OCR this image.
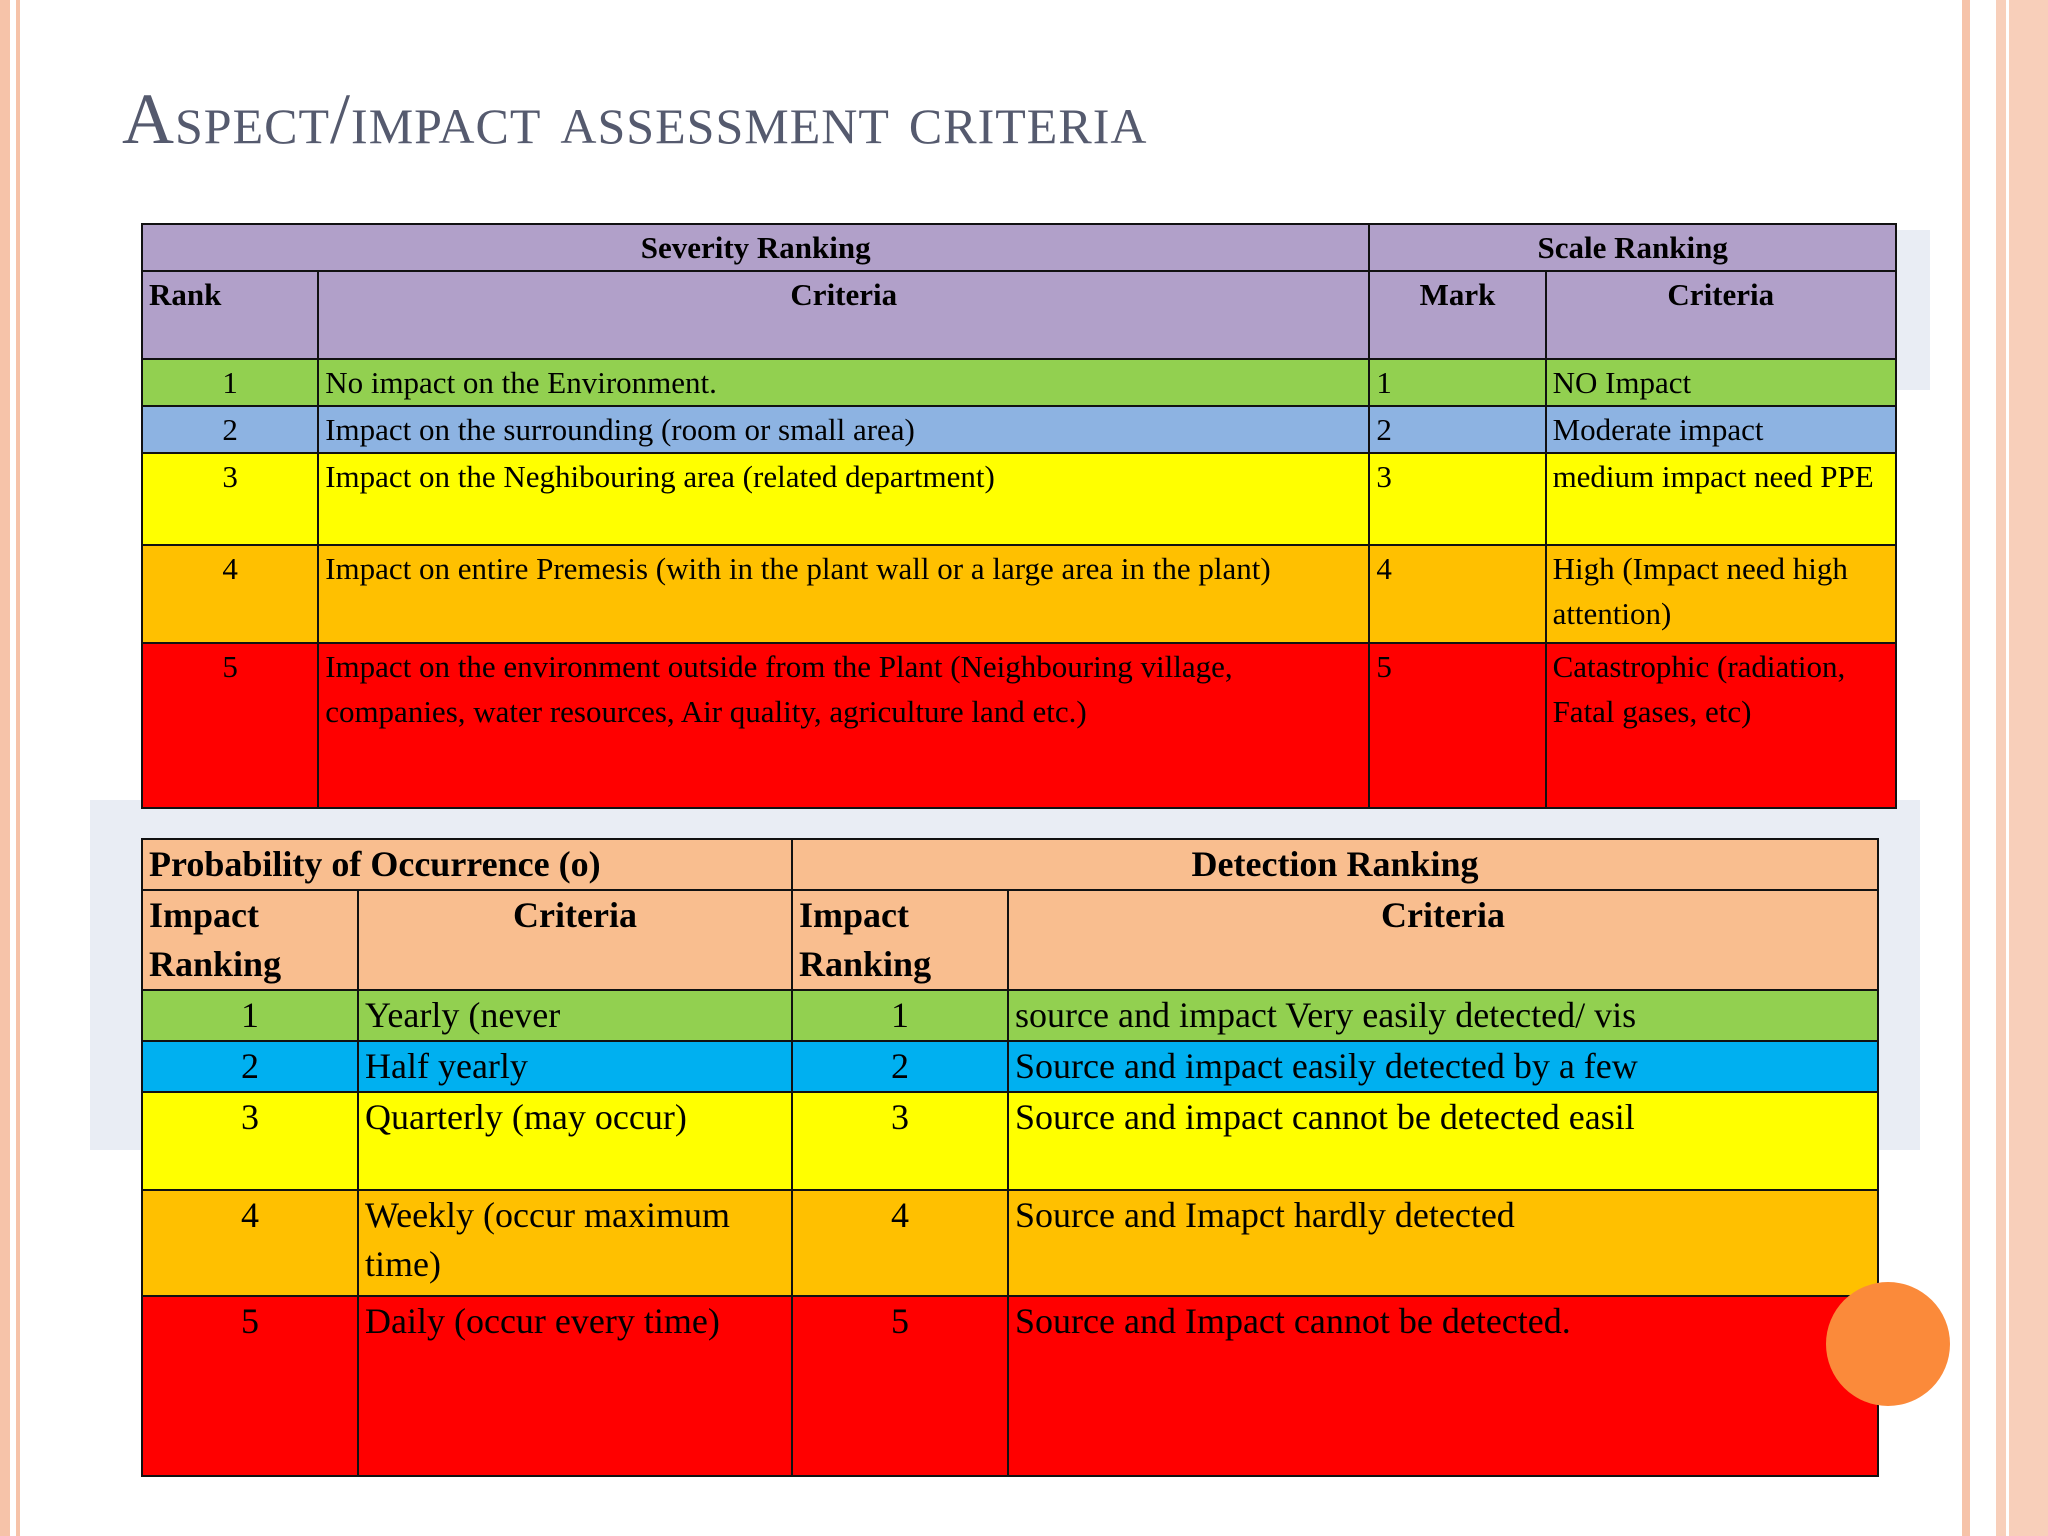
Aspect/impact assessment criteria
Severity Ranking		Scale Ranking	
Rank	Criteria	Mark	Criteria
1	No impact on the Environment.	1	NO Impact
2	Impact on the surrounding (room or small area)	2	Moderate impact
3	Impact on the Neghibouring area (related department)	3	medium impact need PPE
4	Impact on entire Premesis (with in the plant wall or a large area in the plant)	4	High (Impact need high attention)
5	Impact on the environment outside from the Plant (Neighbouring village, companies, water resources, Air quality, agriculture land etc.)	5	Catastrophic (radiation, Fatal gases, etc)
Probability of Occurrence (o)		Detection Ranking	
Impact Ranking	Criteria	Impact Ranking	Criteria
1	Yearly (never	1	source and impact Very easily detected/ vis
2	Half yearly	2	Source and impact easily detected by a few
3	Quarterly (may occur)	3	Source and impact cannot be detected easil
4	Weekly (occur maximum time)	4	Source and Imapct hardly detected
5	Daily (occur every time)	5	Source and Impact cannot be detected.
